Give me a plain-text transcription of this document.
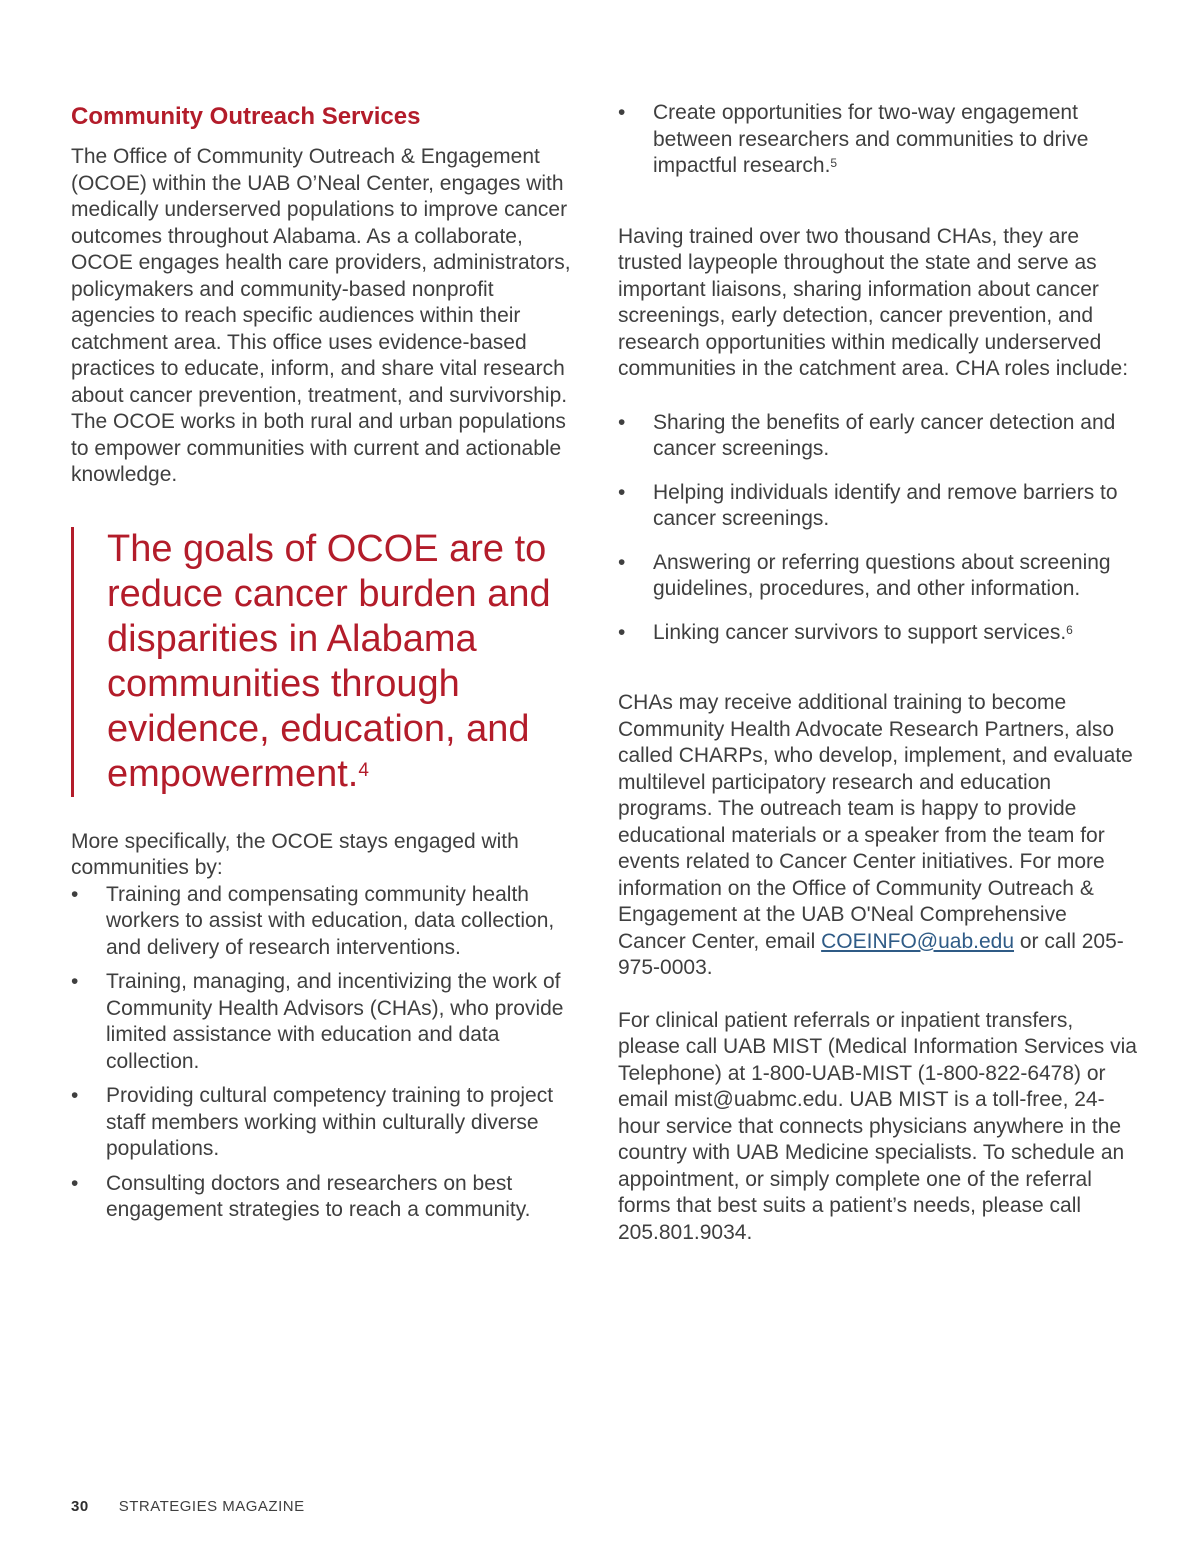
Community Outreach Services

The Office of Community Outreach & Engagement (OCOE) within the UAB O’Neal Center, engages with medically underserved populations to improve cancer outcomes throughout Alabama. As a collaborate, OCOE engages health care providers, administrators, policymakers and community-based nonprofit agencies to reach specific audiences within their catchment area. This office uses evidence-based practices to educate, inform, and share vital research about cancer prevention, treatment, and survivorship. The OCOE works in both rural and urban populations to empower communities with current and actionable knowledge.

The goals of OCOE are to reduce cancer burden and disparities in Alabama communities through evidence, education, and empowerment.$^4$

More specifically, the OCOE stays engaged with communities by:

•	Training and compensating community health workers to assist with education, data collection, and delivery of research interventions.
•	Training, managing, and incentivizing the work of Community Health Advisors (CHAs), who provide limited assistance with education and data collection.
•	Providing cultural competency training to project staff members working within culturally diverse populations.
•	Consulting doctors and researchers on best engagement strategies to reach a community.
•	Create opportunities for two-way engagement between researchers and communities to drive impactful research.$^5$

Having trained over two thousand CHAs, they are trusted laypeople throughout the state and serve as important liaisons, sharing information about cancer screenings, early detection, cancer prevention, and research opportunities within medically underserved communities in the catchment area. CHA roles include:

•	Sharing the benefits of early cancer detection and cancer screenings.
•	Helping individuals identify and remove barriers to cancer screenings.
•	Answering or referring questions about screening guidelines, procedures, and other information.
•	Linking cancer survivors to support services.$^6$

CHAs may receive additional training to become Community Health Advocate Research Partners, also called CHARPs, who develop, implement, and evaluate multilevel participatory research and education programs. The outreach team is happy to provide educational materials or a speaker from the team for events related to Cancer Center initiatives. For more information on the Office of Community Outreach & Engagement at the UAB O'Neal Comprehensive Cancer Center, email COEINFO@uab.edu or call 205-975-0003.

For clinical patient referrals or inpatient transfers, please call UAB MIST (Medical Information Services via Telephone) at 1-800-UAB-MIST (1-800-822-6478) or email mist@uabmc.edu. UAB MIST is a toll-free, 24-hour service that connects physicians anywhere in the country with UAB Medicine specialists. To schedule an appointment, or simply complete one of the referral forms that best suits a patient’s needs, please call 205.801.9034.

30 STRATEGIES MAGAZINE
